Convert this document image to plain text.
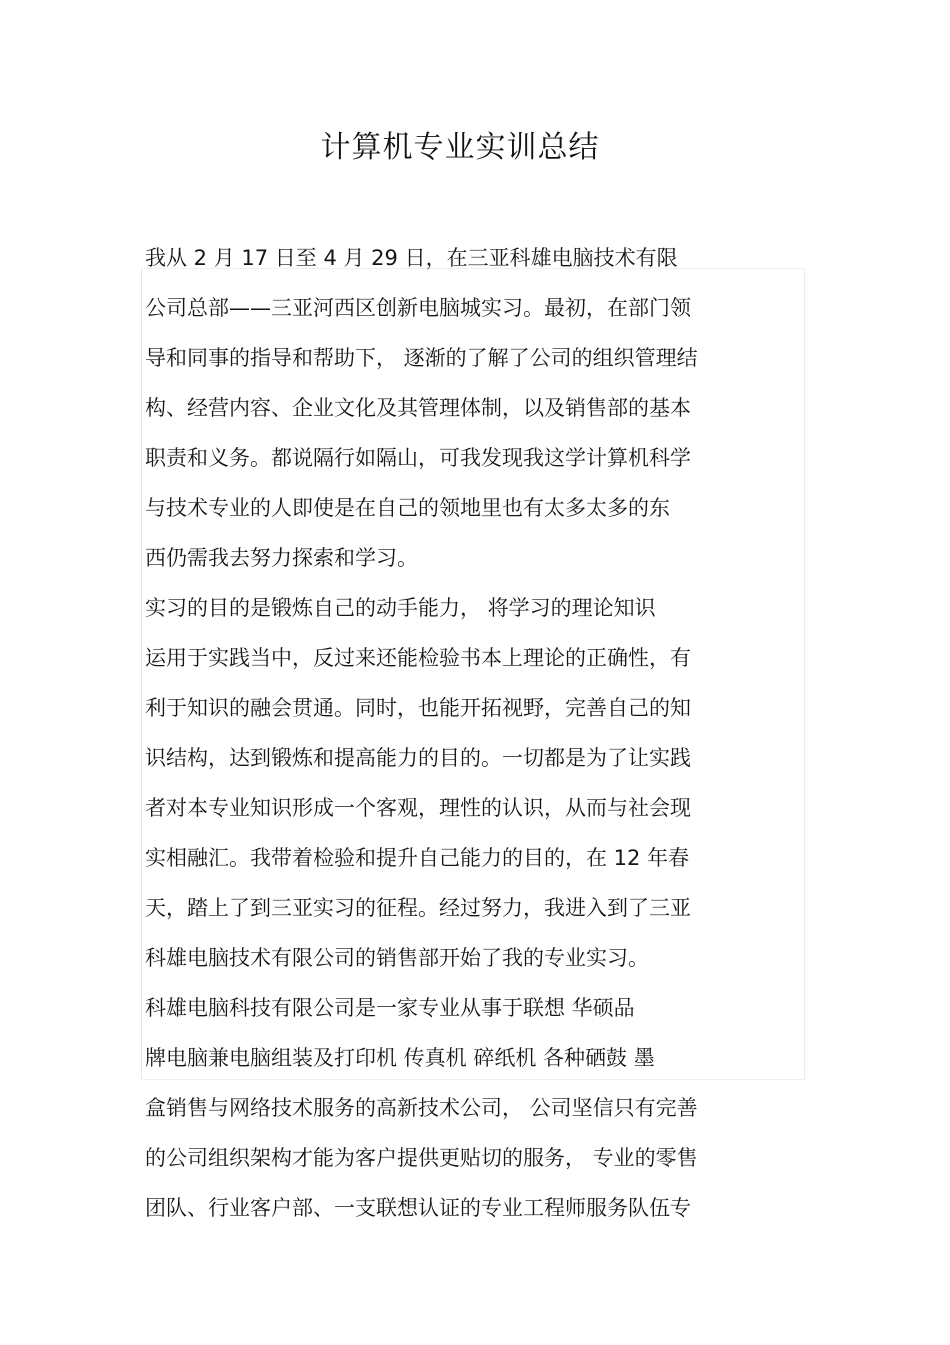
计算机专业实训总结
我从 2 月 17 日至 4 月 29 日，在三亚科雄电脑技术有限
公司总部——三亚河西区创新电脑城实习。最初，在部门领
导和同事的指导和帮助下， 逐渐的了解了公司的组织管理结
构、经营内容、企业文化及其管理体制，以及销售部的基本
职责和义务。都说隔行如隔山，可我发现我这学计算机科学
与技术专业的人即使是在自己的领地里也有太多太多的东
西仍需我去努力探索和学习。
实习的目的是锻炼自己的动手能力， 将学习的理论知识
运用于实践当中，反过来还能检验书本上理论的正确性，有
利于知识的融会贯通。同时，也能开拓视野，完善自己的知
识结构，达到锻炼和提高能力的目的。一切都是为了让实践
者对本专业知识形成一个客观，理性的认识，从而与社会现
实相融汇。我带着检验和提升自己能力的目的，在 12 年春
天，踏上了到三亚实习的征程。经过努力，我进入到了三亚
科雄电脑技术有限公司的销售部开始了我的专业实习。
科雄电脑科技有限公司是一家专业从事于联想 华硕品
牌电脑兼电脑组装及打印机 传真机 碎纸机 各种硒鼓 墨
盒销售与网络技术服务的高新技术公司， 公司坚信只有完善
的公司组织架构才能为客户提供更贴切的服务， 专业的零售
团队、行业客户部、一支联想认证的专业工程师服务队伍专
